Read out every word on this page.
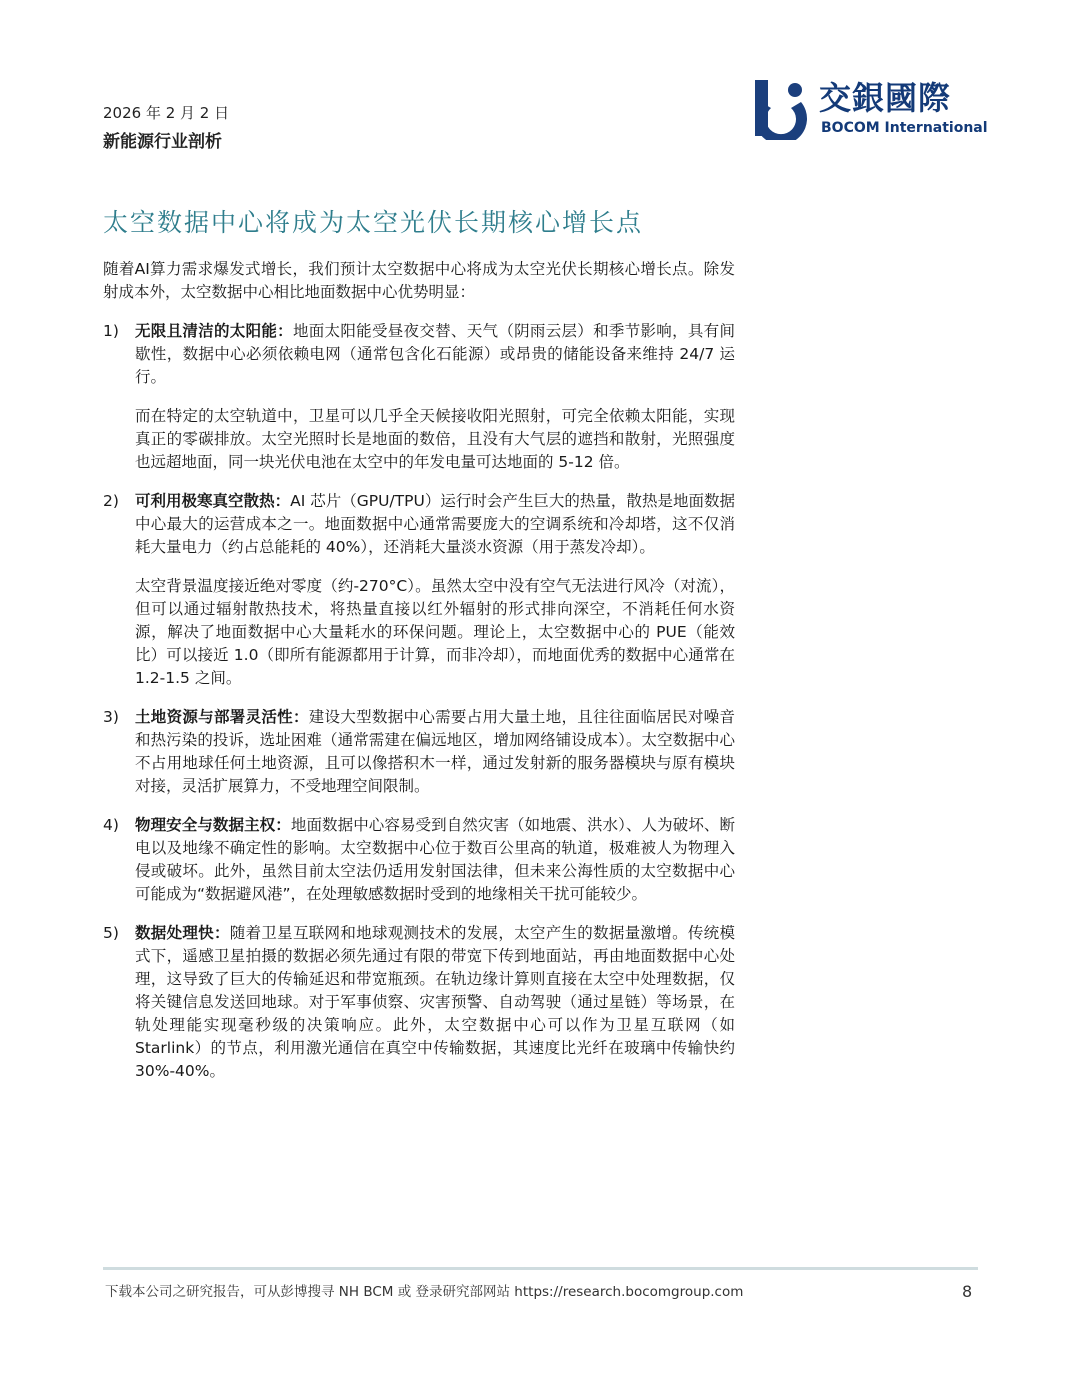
2026 年 2 月 2 日
新能源行业剖析
交銀國際
BOCOM International
太空数据中心将成为太空光伏长期核心增长点

随着AI算力需求爆发式增长，我们预计太空数据中心将成为太空光伏长期核心增长点。除发射成本外，太空数据中心相比地面数据中心优势明显：

1) 无限且清洁的太阳能：地面太阳能受昼夜交替、天气（阴雨云层）和季节影响，具有间歇性，数据中心必须依赖电网（通常包含化石能源）或昂贵的储能设备来维持 24/7 运行。

而在特定的太空轨道中，卫星可以几乎全天候接收阳光照射，可完全依赖太阳能，实现真正的零碳排放。太空光照时长是地面的数倍，且没有大气层的遮挡和散射，光照强度也远超地面，同一块光伏电池在太空中的年发电量可达地面的 5-12 倍。

2) 可利用极寒真空散热：AI 芯片（GPU/TPU）运行时会产生巨大的热量，散热是地面数据中心最大的运营成本之一。地面数据中心通常需要庞大的空调系统和冷却塔，这不仅消耗大量电力（约占总能耗的 40%），还消耗大量淡水资源（用于蒸发冷却）。

太空背景温度接近绝对零度（约-270°C）。虽然太空中没有空气无法进行风冷（对流），但可以通过辐射散热技术，将热量直接以红外辐射的形式排向深空，不消耗任何水资源，解决了地面数据中心大量耗水的环保问题。理论上，太空数据中心的 PUE（能效比）可以接近 1.0（即所有能源都用于计算，而非冷却），而地面优秀的数据中心通常在 1.2-1.5 之间。

3) 土地资源与部署灵活性：建设大型数据中心需要占用大量土地，且往往面临居民对噪音和热污染的投诉，选址困难（通常需建在偏远地区，增加网络铺设成本）。太空数据中心不占用地球任何土地资源，且可以像搭积木一样，通过发射新的服务器模块与原有模块对接，灵活扩展算力，不受地理空间限制。

4) 物理安全与数据主权：地面数据中心容易受到自然灾害（如地震、洪水）、人为破坏、断电以及地缘不确定性的影响。太空数据中心位于数百公里高的轨道，极难被人为物理入侵或破坏。此外，虽然目前太空法仍适用发射国法律，但未来公海性质的太空数据中心可能成为“数据避风港”，在处理敏感数据时受到的地缘相关干扰可能较少。

5) 数据处理快：随着卫星互联网和地球观测技术的发展，太空产生的数据量激增。传统模式下，遥感卫星拍摄的数据必须先通过有限的带宽下传到地面站，再由地面数据中心处理，这导致了巨大的传输延迟和带宽瓶颈。在轨边缘计算则直接在太空中处理数据，仅将关键信息发送回地球。对于军事侦察、灾害预警、自动驾驶（通过星链）等场景，在轨处理能实现毫秒级的决策响应。此外，太空数据中心可以作为卫星互联网（如 Starlink）的节点，利用激光通信在真空中传输数据，其速度比光纤在玻璃中传输快约 30%-40%。

下载本公司之研究报告，可从彭博搜寻 NH BCM 或 登录研究部网站 https://research.bocomgroup.com	8
